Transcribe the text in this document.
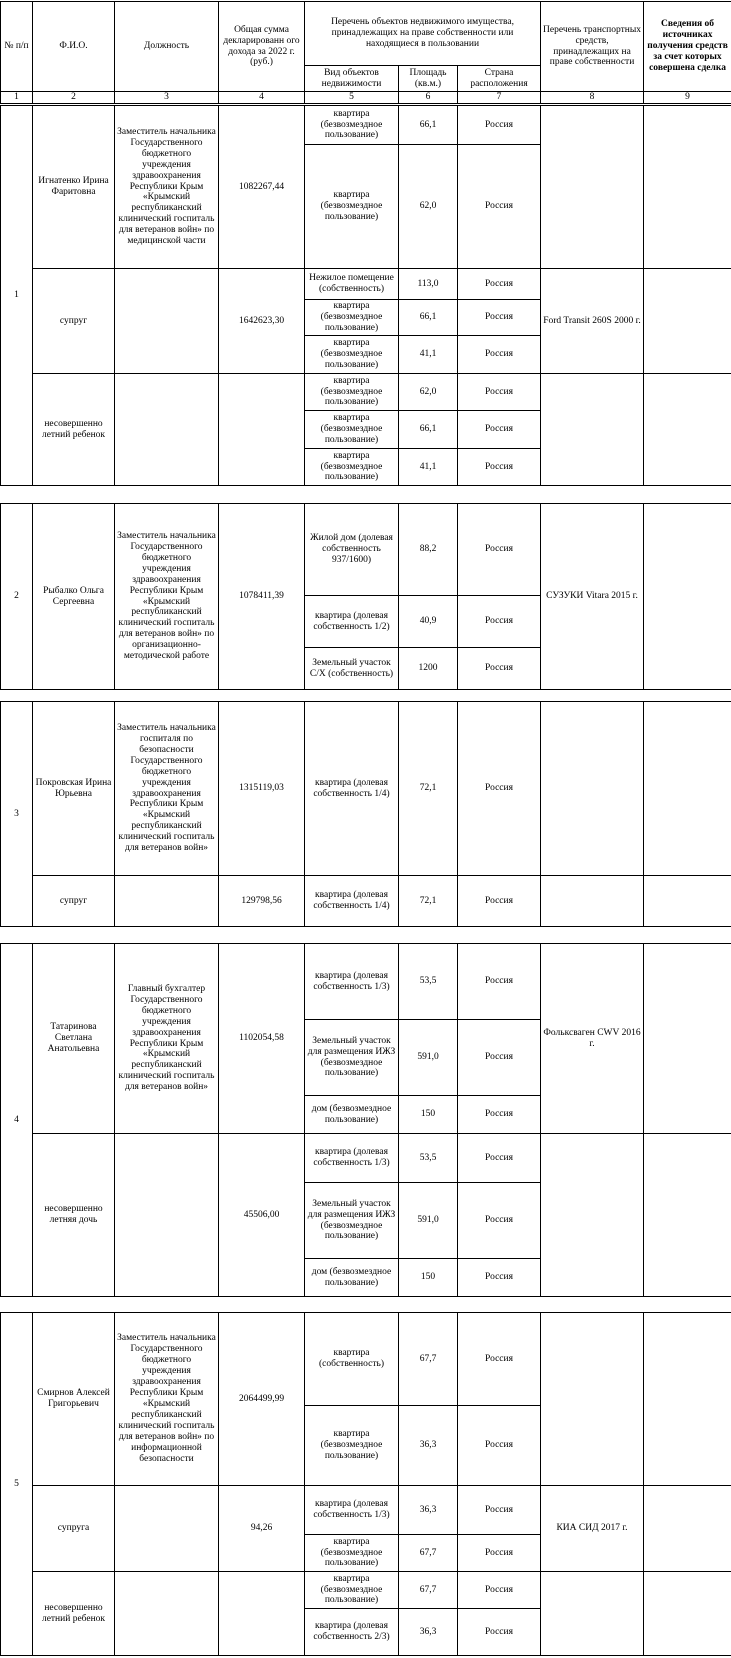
№ п/п	Ф.И.О.	Должность	Общая сумма декларированн ого дохода за 2022 г. (руб.)	Перечень объектов недвижимого имущества, принадлежащих на праве собственности или находящиеся в пользовании			Перечень транспортных средств, принадлежащих на праве собственности	Сведения об источниках получения средств за счет которых совершена сделка
				Вид объектов недвижимости	Площадь (кв.м.)	Страна расположения		
1	2	3	4	5	6	7	8	9
1	Игнатенко Ирина Фаритовна	Заместитель начальника Государственного бюджетного учреждения здравоохранения Республики Крым «Крымский республиканский клинический госпиталь для ветеранов войн» по медицинской части	1082267,44	квартира (безвозмездное пользование)	66,1	Россия		
				квартира (безвозмездное пользование)	62,0	Россия		
	супруг		1642623,30	Нежилое помещение (собственность)	113,0	Россия	Ford Transit 260S 2000 г.	
				квартира (безвозмездное пользование)	66,1	Россия		
				квартира (безвозмездное пользование)	41,1	Россия		
	несовершенно летний ребенок			квартира (безвозмездное пользование)	62,0	Россия		
				квартира (безвозмездное пользование)	66,1	Россия		
				квартира (безвозмездное пользование)	41,1	Россия		
2	Рыбалко Ольга Сергеевна	Заместитель начальника Государственного бюджетного учреждения здравоохранения Республики Крым «Крымский республиканский клинический госпиталь для ветеранов войн» по организационно-методической работе	1078411,39	Жилой дом (долевая собственность 937/1600)	88,2	Россия	СУЗУКИ Vitara 2015 г.	
				квартира (долевая собственность 1/2)	40,9	Россия		
				Земельный участок С/Х (собственность)	1200	Россия		
3	Покровская Ирина Юрьевна	Заместитель начальника госпиталя по безопасности Государственного бюджетного учреждения здравоохранения Республики Крым «Крымский республиканский клинический госпиталь для ветеранов войн»	1315119,03	квартира (долевая собственность 1/4)	72,1	Россия		
	супруг		129798,56	квартира (долевая собственность 1/4)	72,1	Россия		
4	Татаринова Светлана Анатольевна	Главный бухгалтер Государственного бюджетного учреждения здравоохранения Республики Крым «Крымский республиканский клинический госпиталь для ветеранов войн»	1102054,58	квартира (долевая собственность 1/3)	53,5	Россия	Фольксваген CWV 2016 г.	
				Земельный участок для размещения ИЖЗ (безвозмездное пользование)	591,0	Россия		
				дом (безвозмездное пользование)	150	Россия		
	несовершенно летняя дочь		45506,00	квартира (долевая собственность 1/3)	53,5	Россия		
				Земельный участок для размещения ИЖЗ (безвозмездное пользование)	591,0	Россия		
				дом (безвозмездное пользование)	150	Россия		
5	Смирнов Алексей Григорьевич	Заместитель начальника Государственного бюджетного учреждения здравоохранения Республики Крым «Крымский республиканский клинический госпиталь для ветеранов войн» по информационной безопасности	2064499,99	квартира (собственность)	67,7	Россия		
				квартира (безвозмездное пользование)	36,3	Россия		
	супруга		94,26	квартира (долевая собственность 1/3)	36,3	Россия	КИА СИД 2017 г.	
				квартира (безвозмездное пользование)	67,7	Россия		
	несовершенно летний ребенок			квартира (безвозмездное пользование)	67,7	Россия		
				квартира (долевая собственность 2/3)	36,3	Россия		
